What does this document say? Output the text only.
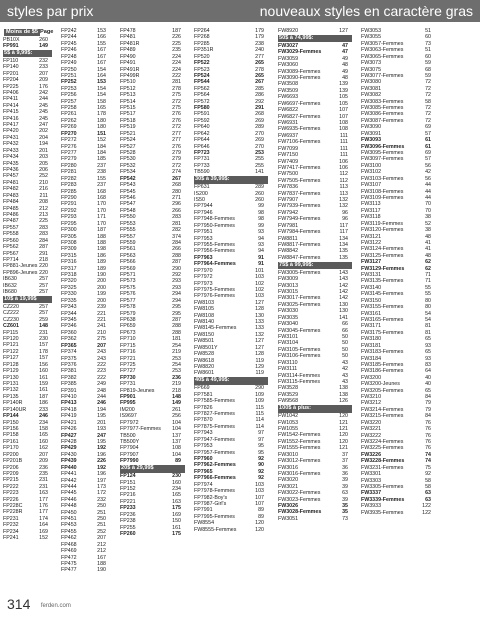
styles par prix	nouveaux styles en caractère gras
Moins de $5 Page
PB10X	260
FP991	149
5$ à 9,99$:
FP110	232
FP140	233
FP201	207
FP204	209
FP225	176
FP406	242
FP411	244
FP414	245
FP415	245
FP416	245
FP417	247
FP420	202
FP431	204
FP432	194
FP433	201
FP434	203
FP435	205
FP436	206
FP457	252
FP481	210
FP482	216
FP483	211
FP484	208
FP485	212
FP486	213
FP487	225
FP557	283
FP558	283
FP560	284
FP562	287
FP567	291
FP714	218
FP881-Jeunes 220
FP896-Jeunes 220
IB630	257
IB632	257
IB680	257
10$ à 19,99$
CZ220	257
CZ222	257
CZ230	259
CZ601	148
FP115	231
FP120	230
FP121	157
FP122	178
FP127	157
FP128	156
FP129	160
FP130	161
FP131	159
FP132	161
FP135	187
FP140R	186
FP140UR	233
FP144	246
FP150	234
FP156	158
FP158	165
FP161	160
FP170	162
FP200	207
FP201B	209
FP206	236
FP209	235
FP215	231
FP222	231
FP223	163
FP226	177
FP228C	176
FP228R	177
FP231	174
FP232	164
FP234	169
FP241	152
FP242	153
FP244	166
FP245	155
FP246	167
FP248	167
FP249	167
FP250	154
FP251	164
FP252	153
FP253	154
FP256	154
FP257	158
FP258	165
FP261	178
FP262	180
FP269	180
FP270	151
FP272	152
FP276	184
FP277	184
FP279	185
FP280	237
FP281	238
FP282	155
FP283	237
FP285	168
FP290	168
FP291	170
FP292	170
FP293	171
FP295	170
FP300	187
FP305	188
FP308	188
FP309	198
FP315	186
FP316	189
FP317	189
FP318	190
FP320	200
FP325	200
FP330	199
FP335	200
FP343	239
FP344	221
FP345	221
FP346	241
FP360	210
FP362	275
FP365	207
FP374	243
FP375	243
FP376	222
FP381	223
FP382	222
FP385	249
FP391	248
FP410	244
FP413	246
FP418	194
FP419	195
FP421	201
FP426	193
FP427	247
FP428	195
FP429	192
FP430	196
FP439	226
FP440	192
FP441	196
FP442	197
FP444	173
FP445	172
FP446	232
FP448	250
FP450	251
FP451	250
FP453	251
FP455	252
FP462	207
FP468	212
FP469	212
FP472	167
FP475	188
FP477	190
FP478	187
FP481	226
FP481R	225
FP489	235
FP490	224
FP491	224
FP491R	224
FP499R	222
FP510	281
FP512	278
FP513	275
FP514	272
FP515	275
FP517	276
FP518	276
FP519	272
FP521	277
FP524	277
FP527	276
FP528	279
FP530	279
FP532	272
FP534	274
FP542	267
FP543	268
FP545	280
FP546	271
FP547	296
FP548	266
FP550	283
FP553	281
FP555	282
FP557	374
FP559	284
FP561	266
FP563	288
FP566	287
FP569	290
FP571	292
FP573	293
FP575	293
FP576	294
FP577	294
FP578	295
FP579	295
FP638	287
FP659	288
FP673	288
FP710	181
FP715	254
FP716	219
FP721	253
FP725	254
FP727	253
FP730	236
FP731	219
FP819-Jeunes	218
FP901	148
FP995	149
IM200	261
IS9697	256
FP7972	104
FP7977-Femmes	104
TB500	137
TB500Y	137
FP7904	108
FP7907	104
FP7990	89
20$ à 29,99$
FP124	230
FP151	160
FP152	234
FP216	165
FP221	163
FP233	175
FP236	169
FP238	150
FP255	161
FP260	175
FP264	179
FP268	179
FP285	238
FP351R	240
FP520	277
FP522	265
FP523	278
FP524	265
FP544	267
FP562	285
FP564	286
FP572	292
FP580	291
FP591	268
FP592	269
FP640	289
FP642	270
FP644	269
FP646	270
FP723	253
FP731	255
FP733	255
TB590	141
30$ à 39,99$:
FP631	289
IS200	260
IS50	260
FP7944	99
FP7946	98
FP7948-Femmes	98
FP7950-Femmes	99
FP7951	93
FP7953	94
FP7955-Femmes	93
FP7956-Femmes	94
FP7963	91
FP7964-Femmes	91
FP7970	101
FP7972	103
FP7973	102
FP7975-Femmes	102
FP7976-Femmes	103
FW8103	127
FW8105	128
FW8108	130
FW8140	133
FW8145-Femmes	133
FW8150	132
FW8501	127
FW8501Y	127
FW8528	128
FW8618	119
FW8820	129
FW8601	119
40$ à 49,99$:
FP669	290
FP7581	109
FP7585-Femmes	109
FP7826	115
FP7827-Femmes	115
FP7870	114
FP7875-Femmes	114
FP7943	97
FP7947-Femmes	97
FP7953	95
FP7957-Femmes	95
FP7960	92
FP7962-Femmes	90
FP7965	92
FP7966-Femmes	92
FP7974	103
FP7978-Femmes	103
FP7982-Boy's	107
FP7987-Girl's	107
FP7991	89
FP7995-Femmes	89
FW8554	120
FW8555-Femmes	120
FW8920	127
50$ à 74,99$:
FW3027	47
FW3029-Femmes	47
FW3059	49
FW3060	48
FW3089-Femmes	49
FW3090-Femmes	48
FW3508	139
FW3509	139
FW6693	105
FW6697-Femmes	105
FW6822	107
FW6827-Femmes	107
FW6931	108
FW6935-Femmes	108
FW6937	111
FW7106-Femmes	111
FW7099	111
FW7150	111
FW7409	106
FW7417-Femmes	106
FW7500	112
FW7505-Femmes	112
FW7836	113
FW7837-Femmes	113
FW7907	132
FW7939-Femmes	132
FW7942	96
FW7949-Femmes	96
FW7981	117
FW7984-Femmes	117
FW8811	134
FW8817-Femmes	134
FW8842	135
FW8847-Femmes	135
75$ à 99,99$:
FW3005-Femmes	143
FW3009	143
FW3013	142
FW3015	142
FW3017-Femmes	142
FW3025-Femmes	130
FW3030	130
FW3035	141
FW3040	66
FW3045-Femmes	66
FW3101	50
FW3104	50
FW3105-Femmes	50
FW3106-Femmes	50
FW3110	43
FW3111	42
FW3114-Femmes	43
FW3115-Femmes	43
FW3528	138
FW3529	138
FW9568	126
100$ à plus:
FW1042	120
FW1053	121
FW1055	121
FW1542-Femmes	120
FW1552-Femmes	120
FW1555-Femmes	121
FW3010	37
FW3012-Femmes	37
FW3016	36
FW3016-Femmes	36
FW3020	39
FW3021	39
FW3022-Femmes	63
FW3023-Femmes	39
FW3026	35
FW3028-Femmes	35
FW3051	73
FW3053	51
FW3055	60
FW3057-Femmes	73
FW3063-Femmes	51
FW3065-Femmes	60
FW3073	59
FW3075	68
FW3077-Femmes	59
FW3080	72
FW3081	72
FW3082	72
FW3083-Femmes	58
FW3085-Femmes	72
FW3086-Femmes	72
FW3087-Femmes	72
FW3090	69
FW3091	57
FW3093	61
FW3096-Femmes	61
FW3095-Femmes	69
FW3097-Femmes	57
FW3100	56
FW3102	42
FW3103-Femmes	56
FW3107	44
FW3108-Femmes	44
FW3109-Femmes	44
FW3113	70
FW3117	70
FW3118	38
FW3119-Femmes	52
FW3120-Femmes	38
FW3121	48
FW3122	41
FW3124-Femmes	41
FW3125-Femmes	48
FW3127	62
FW3129-Femmes	62
FW3131	71
FW3135-Femmes	71
FW3140	55
FW3145-Femmes	55
FW3150	80
FW3155-Femmes	80
FW3161	54
FW3165-Femmes	54
FW3171	81
FW3175-Femmes	81
FW3180	65
FW3181	93
FW3183-Femmes	65
FW3184	93
FW3185-Femmes	83
FW3186-Femmes	64
FW3200	40
FW3200-Jeunes	40
FW3205-Femmes	65
FW3210	84
FW3212	79
FW3214-Femmes	79
FW3215-Femmes	84
FW3220	76
FW3221	76
FW3222	76
FW3224-Femmes	76
FW3225-Femmes	76
FW3226	74
FW3228-Femmes	74
FW3231-Femmes	75
FW3301	92
FW3303	58
FW3305-Femmes	58
FW3337	63
FW3339-Femmes	63
FW3933	122
FW3935-Femmes	122
314 ferden.com
